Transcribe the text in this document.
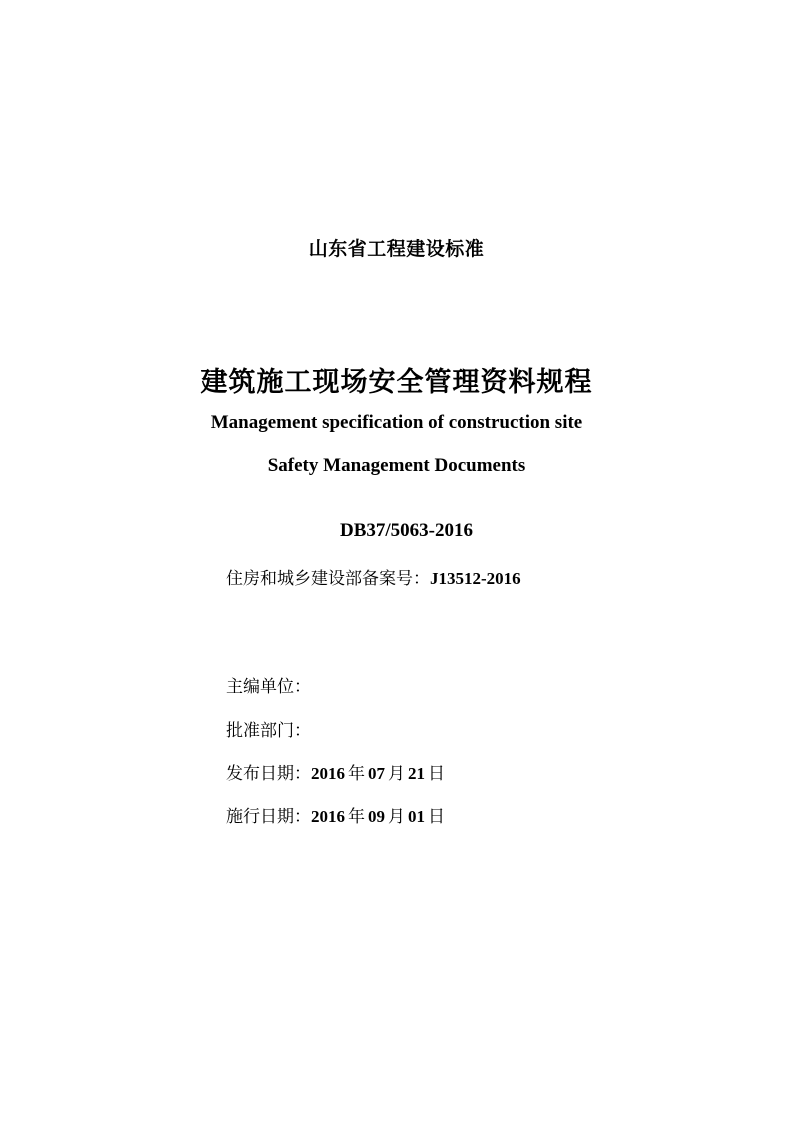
山东省工程建设标准
建筑施工现场安全管理资料规程
Management specification of construction site
Safety Management Documents
DB37/5063-2016
住房和城乡建设部备案号：J13512-2016
主编单位：
批准部门：
发布日期：2016 年 07 月 21 日
施行日期：2016 年 09 月 01 日
